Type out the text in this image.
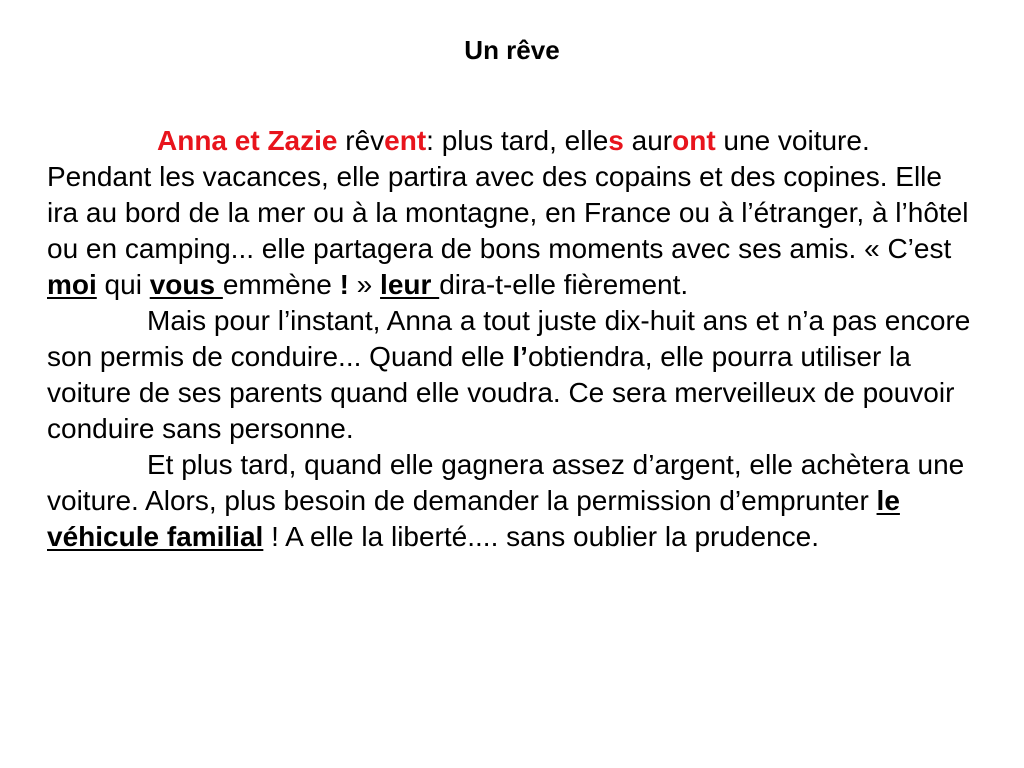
Un rêve

Anna et Zazie rêvent: plus tard, elles auront une voiture. Pendant les vacances, elle partira avec des copains et des copines. Elle ira au bord de la mer ou à la montagne, en France ou à l’étranger, à l’hôtel ou en camping... elle partagera de bons moments avec ses amis. « C’est moi qui vous emmène ! » leur dira-t-elle fièrement.

Mais pour l’instant, Anna a tout juste dix-huit ans et n’a pas encore son permis de conduire... Quand elle l’obtiendra, elle pourra utiliser la voiture de ses parents quand elle voudra. Ce sera merveilleux de pouvoir conduire sans personne.

Et plus tard, quand elle gagnera assez d’argent, elle achètera une voiture. Alors, plus besoin de demander la permission d’emprunter le véhicule familial ! A elle la liberté.... sans oublier la prudence.
